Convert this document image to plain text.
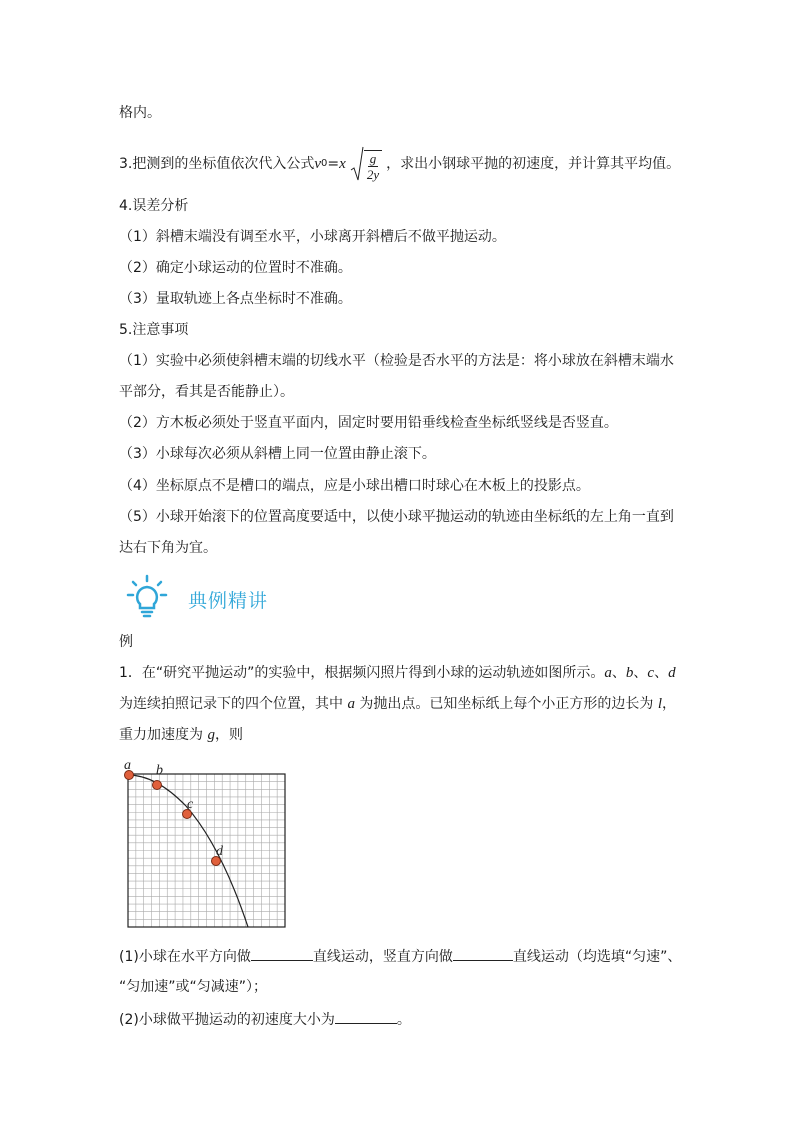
格内。
3.把测到的坐标值依次代入公式 v 0 = x $\frac{g}{2y}$ ，求出小钢球平抛的初速度，并计算其平均值。
4.误差分析
（1）斜槽末端没有调至水平，小球离开斜槽后不做平抛运动。
（2）确定小球运动的位置时不准确。
（3）量取轨迹上各点坐标时不准确。
5.注意事项
（1）实验中必须使斜槽末端的切线水平（检验是否水平的方法是：将小球放在斜槽末端水
平部分，看其是否能静止）。
（2）方木板必须处于竖直平面内，固定时要用铅垂线检查坐标纸竖线是否竖直。
（3）小球每次必须从斜槽上同一位置由静止滚下。
（4）坐标原点不是槽口的端点，应是小球出槽口时球心在木板上的投影点。
（5）小球开始滚下的位置高度要适中，以使小球平抛运动的轨迹由坐标纸的左上角一直到
达右下角为宜。
典例精讲
例
1．在“研究平抛运动”的实验中，根据频闪照片得到小球的运动轨迹如图所示。a、b、c、d
为连续拍照记录下的四个位置，其中 a 为抛出点。已知坐标纸上每个小正方形的边长为 l，
重力加速度为 g，则
a b
c
d
(1)小球在水平方向做	直线运动，竖直方向做	直线运动（均选填“匀速”、
“匀加速”或“匀减速”）；
(2)小球做平抛运动的初速度大小为	。
